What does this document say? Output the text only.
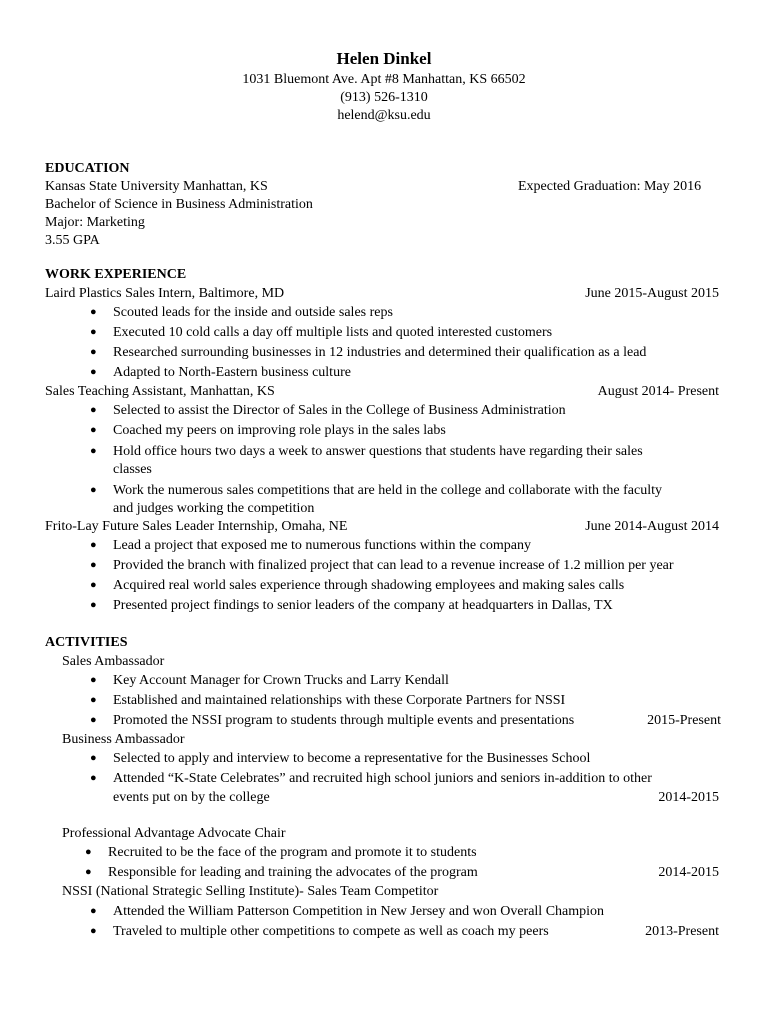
Helen Dinkel
1031 Bluemont Ave. Apt #8 Manhattan, KS 66502
(913) 526-1310
helend@ksu.edu
EDUCATION
Kansas State University Manhattan, KS	Expected Graduation: May 2016
Bachelor of Science in Business Administration
Major: Marketing
3.55 GPA
WORK EXPERIENCE
Laird Plastics Sales Intern, Baltimore, MD	June 2015-August 2015
● Scouted leads for the inside and outside sales reps
● Executed 10 cold calls a day off multiple lists and quoted interested customers
● Researched surrounding businesses in 12 industries and determined their qualification as a lead
● Adapted to North-Eastern business culture
Sales Teaching Assistant, Manhattan, KS	August 2014- Present
● Selected to assist the Director of Sales in the College of Business Administration
● Coached my peers on improving role plays in the sales labs
● Hold office hours two days a week to answer questions that students have regarding their sales
classes
● Work the numerous sales competitions that are held in the college and collaborate with the faculty
and judges working the competition
Frito-Lay Future Sales Leader Internship, Omaha, NE	June 2014-August 2014
● Lead a project that exposed me to numerous functions within the company
● Provided the branch with finalized project that can lead to a revenue increase of 1.2 million per year
● Acquired real world sales experience through shadowing employees and making sales calls
● Presented project findings to senior leaders of the company at headquarters in Dallas, TX
ACTIVITIES
Sales Ambassador
● Key Account Manager for Crown Trucks and Larry Kendall
● Established and maintained relationships with these Corporate Partners for NSSI
● Promoted the NSSI program to students through multiple events and presentations	2015-Present
Business Ambassador
● Selected to apply and interview to become a representative for the Businesses School
● Attended “K-State Celebrates” and recruited high school juniors and seniors in-addition to other
events put on by the college	2014-2015
Professional Advantage Advocate Chair
● Recruited to be the face of the program and promote it to students
● Responsible for leading and training the advocates of the program	2014-2015
NSSI (National Strategic Selling Institute)- Sales Team Competitor
● Attended the William Patterson Competition in New Jersey and won Overall Champion
● Traveled to multiple other competitions to compete as well as coach my peers	2013-Present
